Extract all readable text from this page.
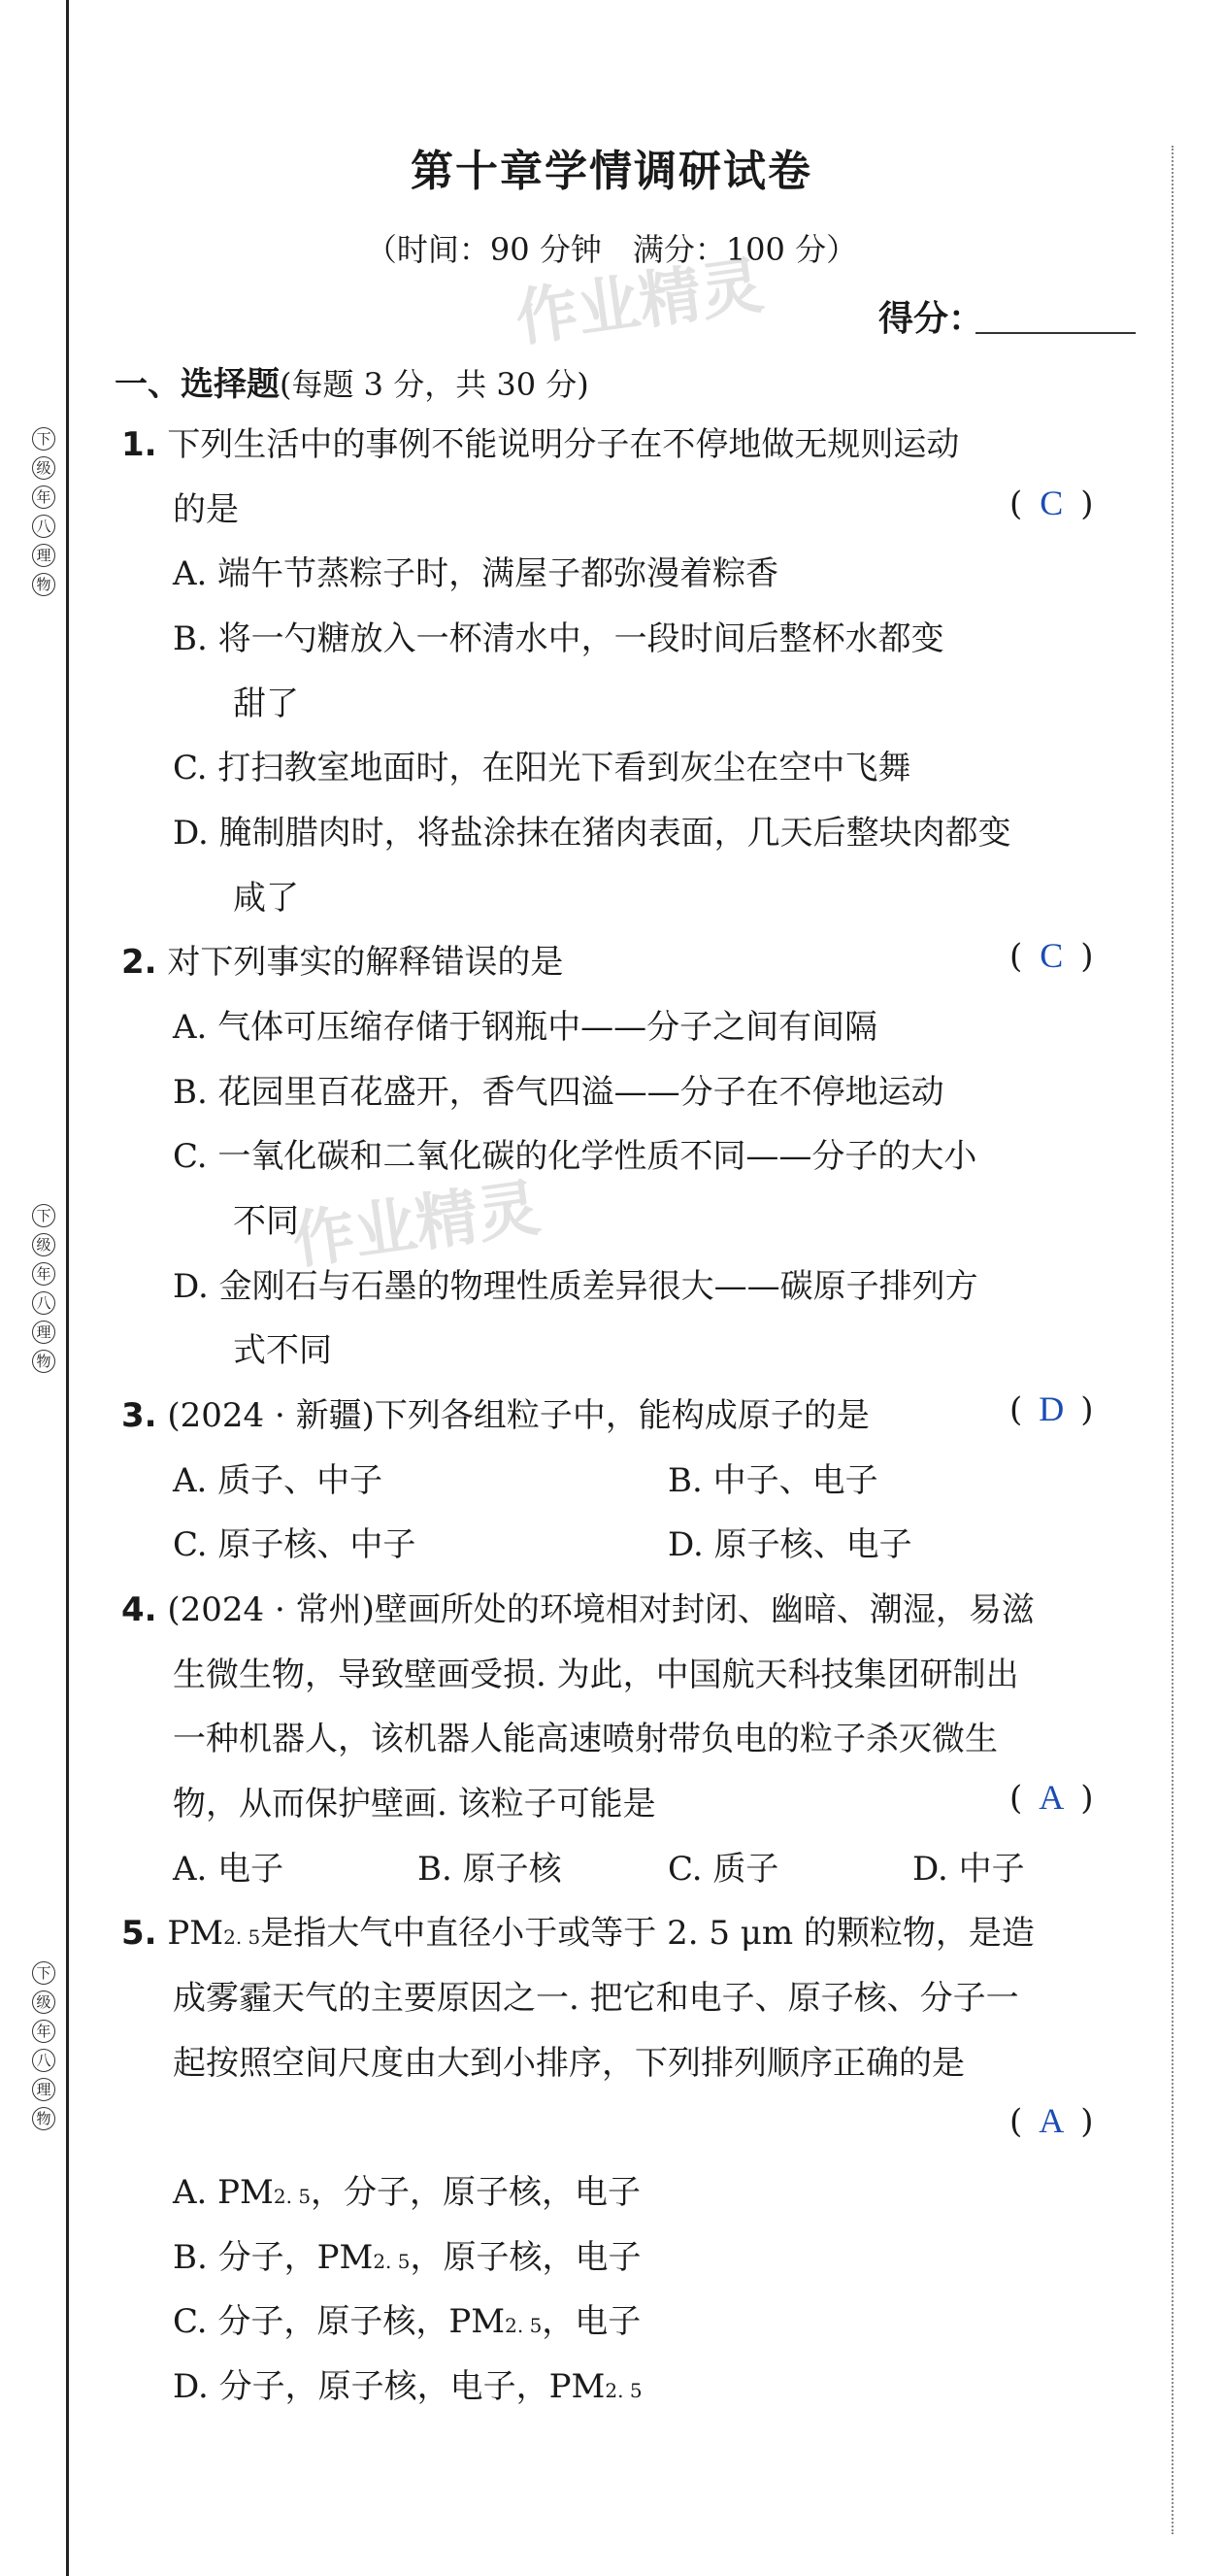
下
级
年
八
理
物
下
级
年
八
理
物
下
级
年
八
理
物
第十章学情调研试卷
（时间：90 分钟　满分：100 分）
作业精灵
作业精灵
得分：
一、选择题(每题 3 分，共 30 分)
1. 下列生活中的事例不能说明分子在不停地做无规则运动
的是	( C )
A. 端午节蒸粽子时，满屋子都弥漫着粽香
B. 将一勺糖放入一杯清水中，一段时间后整杯水都变
甜了
C. 打扫教室地面时，在阳光下看到灰尘在空中飞舞
D. 腌制腊肉时，将盐涂抹在猪肉表面，几天后整块肉都变
咸了
2. 对下列事实的解释错误的是	( C )
A. 气体可压缩存储于钢瓶中——分子之间有间隔
B. 花园里百花盛开，香气四溢——分子在不停地运动
C. 一氧化碳和二氧化碳的化学性质不同——分子的大小
不同
D. 金刚石与石墨的物理性质差异很大——碳原子排列方
式不同
3. (2024 · 新疆)下列各组粒子中，能构成原子的是	( D )
A. 质子、中子	B. 中子、电子
C. 原子核、中子	D. 原子核、电子
4. (2024 · 常州)壁画所处的环境相对封闭、幽暗、潮湿，易滋
生微生物，导致壁画受损. 为此，中国航天科技集团研制出
一种机器人，该机器人能高速喷射带负电的粒子杀灭微生
物，从而保护壁画. 该粒子可能是	( A )
A. 电子	B. 原子核	C. 质子	D. 中子
5. PM2. 5是指大气中直径小于或等于 2. 5 μm 的颗粒物，是造
成雾霾天气的主要原因之一. 把它和电子、原子核、分子一
起按照空间尺度由大到小排序，下列排列顺序正确的是
( A )
A. PM2. 5，分子，原子核，电子
B. 分子，PM2. 5，原子核，电子
C. 分子，原子核，PM2. 5，电子
D. 分子，原子核，电子，PM2. 5
